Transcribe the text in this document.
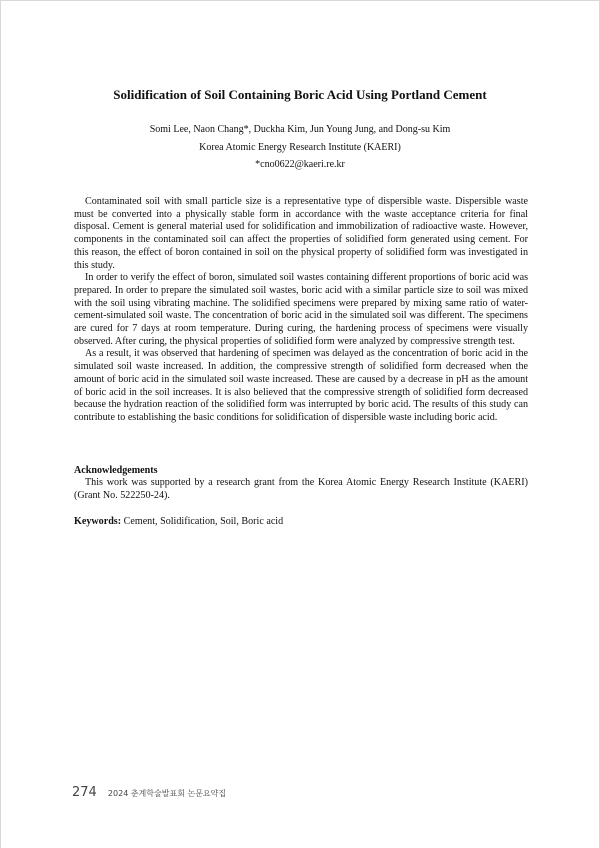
Solidification of Soil Containing Boric Acid Using Portland Cement
Somi Lee, Naon Chang*, Duckha Kim, Jun Young Jung, and Dong-su Kim
Korea Atomic Energy Research Institute (KAERI)
*cno0622@kaeri.re.kr

Contaminated soil with small particle size is a representative type of dispersible waste. Dispersible waste must be converted into a physically stable form in accordance with the waste acceptance criteria for final disposal. Cement is general material used for solidification and immobilization of radioactive waste. However, components in the contaminated soil can affect the properties of solidified form generated using cement. For this reason, the effect of boron contained in soil on the physical property of solidified form was investigated in this study.

In order to verify the effect of boron, simulated soil wastes containing different proportions of boric acid was prepared. In order to prepare the simulated soil wastes, boric acid with a similar particle size to soil was mixed with the soil using vibrating machine. The solidified specimens were prepared by mixing same ratio of water-cement-simulated soil waste. The concentration of boric acid in the simulated soil was different. The specimens are cured for 7 days at room temperature. During curing, the hardening process of specimens were visually observed. After curing, the physical properties of solidified form were analyzed by compressive strength test.

As a result, it was observed that hardening of specimen was delayed as the concentration of boric acid in the simulated soil waste increased. In addition, the compressive strength of solidified form decreased when the amount of boric acid in the simulated soil waste increased. These are caused by a decrease in pH as the amount of boric acid in the soil increases. It is also believed that the compressive strength of solidified form decreased because the hydration reaction of the solidified form was interrupted by boric acid. The results of this study can contribute to establishing the basic conditions for solidification of dispersible waste including boric acid.

Acknowledgements

This work was supported by a research grant from the Korea Atomic Energy Research Institute (KAERI) (Grant No. 522250-24).

Keywords: Cement, Solidification, Soil, Boric acid
274 2024 춘계학술발표회 논문요약집
